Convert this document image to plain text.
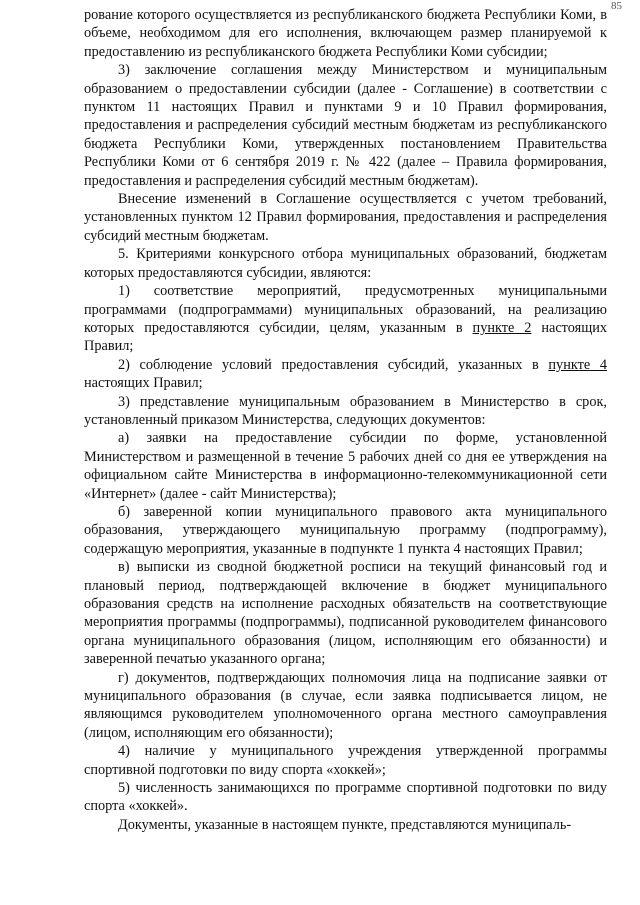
85

рование которого осуществляется из республиканского бюджета Республики Коми, в объеме, необходимом для его исполнения, включающем размер планируемой к предоставлению из республиканского бюджета Республики Коми субсидии;

3) заключение соглашения между Министерством и муниципальным образованием о предоставлении субсидии (далее - Соглашение) в соответствии с пунктом 11 настоящих Правил и пунктами 9 и 10 Правил формирования, предоставления и распределения субсидий местным бюджетам из республиканского бюджета Республики Коми, утвержденных постановлением Правительства Республики Коми от 6 сентября 2019 г. № 422 (далее – Правила формирования, предоставления и распределения субсидий местным бюджетам).

Внесение изменений в Соглашение осуществляется с учетом требований, установленных пунктом 12 Правил формирования, предоставления и распределения субсидий местным бюджетам.

5. Критериями конкурсного отбора муниципальных образований, бюджетам которых предоставляются субсидии, являются:

1) соответствие мероприятий, предусмотренных муниципальными программами (подпрограммами) муниципальных образований, на реализацию которых предоставляются субсидии, целям, указанным в пункте 2 настоящих Правил;

2) соблюдение условий предоставления субсидий, указанных в пункте 4 настоящих Правил;

3) представление муниципальным образованием в Министерство в срок, установленный приказом Министерства, следующих документов:

а) заявки на предоставление субсидии по форме, установленной Министерством и размещенной в течение 5 рабочих дней со дня ее утверждения на официальном сайте Министерства в информационно-телекоммуникационной сети «Интернет» (далее - сайт Министерства);

б) заверенной копии муниципального правового акта муниципального образования, утверждающего муниципальную программу (подпрограмму), содержащую мероприятия, указанные в подпункте 1 пункта 4 настоящих Правил;

в) выписки из сводной бюджетной росписи на текущий финансовый год и плановый период, подтверждающей включение в бюджет муниципального образования средств на исполнение расходных обязательств на соответствующие мероприятия программы (подпрограммы), подписанной руководителем финансового органа муниципального образования (лицом, исполняющим его обязанности) и заверенной печатью указанного органа;

г) документов, подтверждающих полномочия лица на подписание заявки от муниципального образования (в случае, если заявка подписывается лицом, не являющимся руководителем уполномоченного органа местного самоуправления (лицом, исполняющим его обязанности);

4) наличие у муниципального учреждения утвержденной программы спортивной подготовки по виду спорта «хоккей»;

5) численность занимающихся по программе спортивной подготовки по виду спорта «хоккей».

Документы, указанные в настоящем пункте, представляются муниципаль-
